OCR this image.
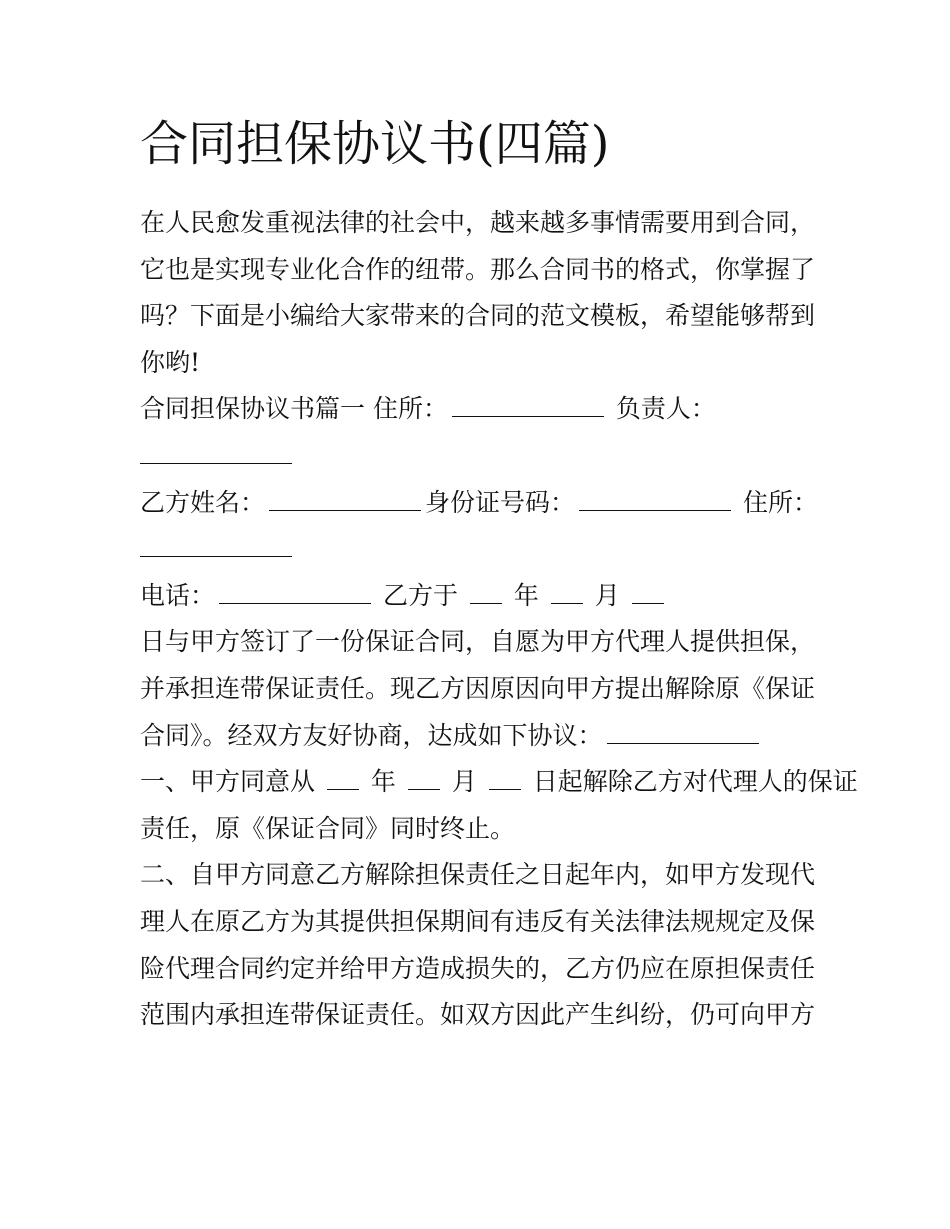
合同担保协议书(四篇)
在人民愈发重视法律的社会中，越来越多事情需要用到合同，
它也是实现专业化合作的纽带。那么合同书的格式，你掌握了
吗？下面是小编给大家带来的合同的范文模板，希望能够帮到
你哟!
合同担保协议书篇一 住所：	负责人：
乙方姓名：	身份证号码：	住所：
电话：	乙方于 年 月
日与甲方签订了一份保证合同，自愿为甲方代理人提供担保，
并承担连带保证责任。现乙方因原因向甲方提出解除原《保证
合同》。经双方友好协商，达成如下协议：
一、甲方同意从 年 月 日起解除乙方对代理人的保证
责任，原《保证合同》同时终止。
二、自甲方同意乙方解除担保责任之日起年内，如甲方发现代
理人在原乙方为其提供担保期间有违反有关法律法规规定及保
险代理合同约定并给甲方造成损失的，乙方仍应在原担保责任
范围内承担连带保证责任。如双方因此产生纠纷，仍可向甲方
